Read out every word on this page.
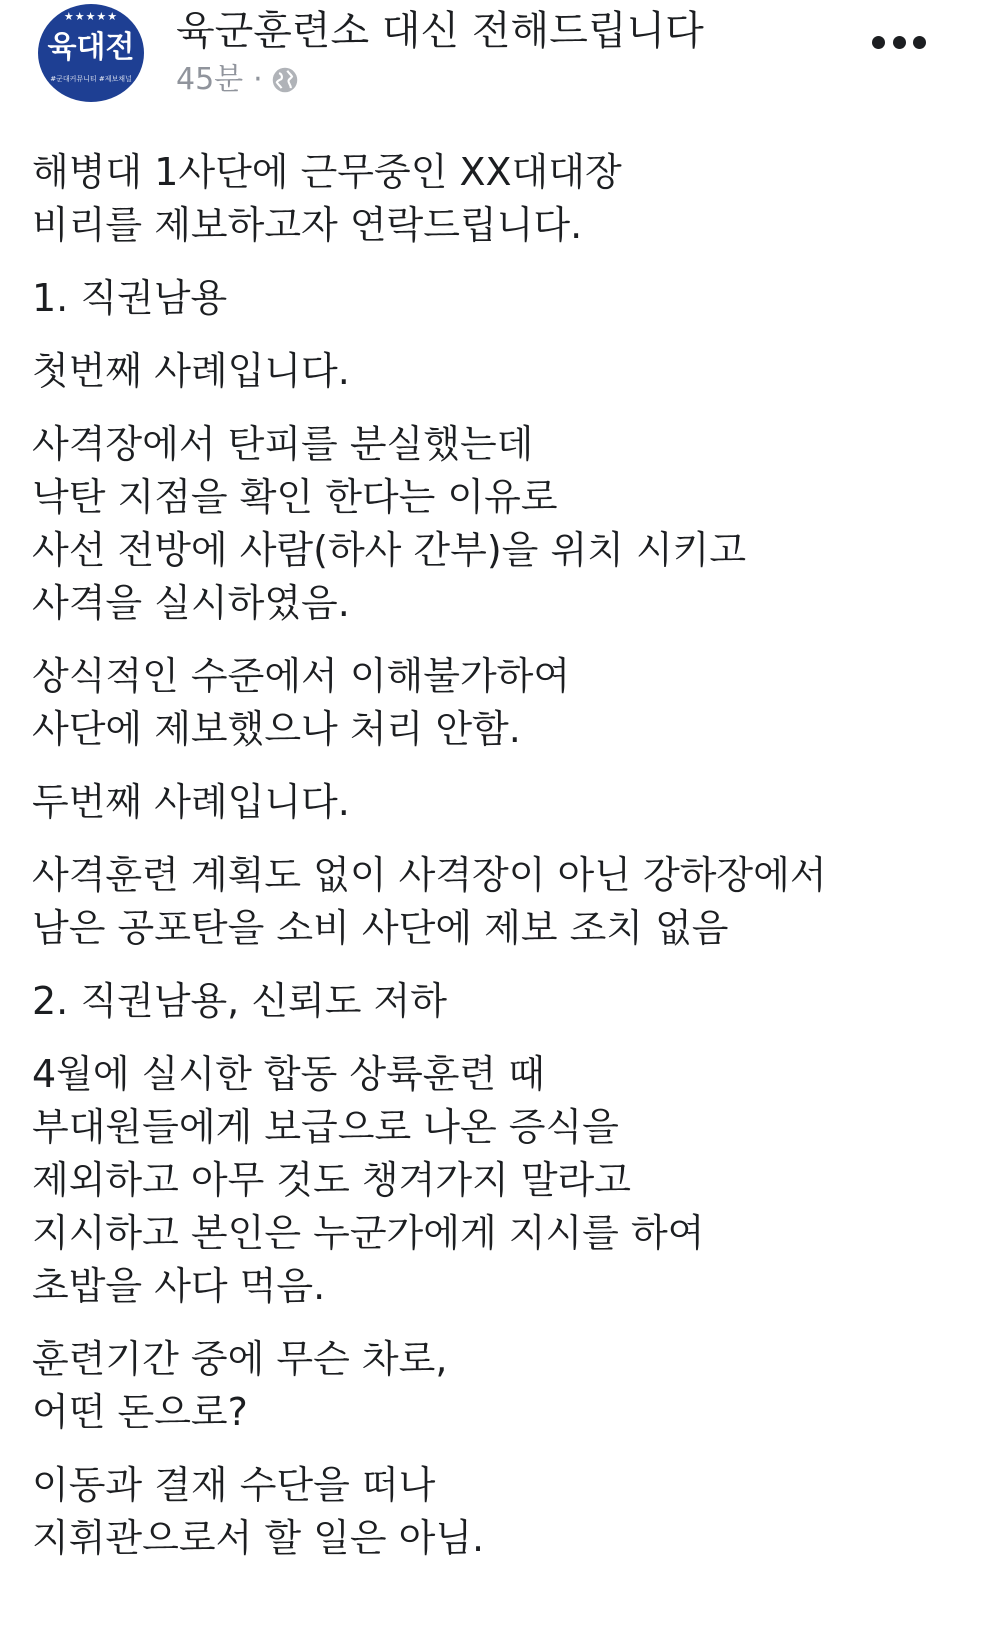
★★★★★
육대전
#군대커뮤니티 #제보채널
육군훈련소 대신 전해드립니다
45분 ·
해병대 1사단에 근무중인 XX대대장
비리를 제보하고자 연락드립니다.
1. 직권남용
첫번째 사례입니다.
사격장에서 탄피를 분실했는데
낙탄 지점을 확인 한다는 이유로
사선 전방에 사람(하사 간부)을 위치 시키고
사격을 실시하였음.
상식적인 수준에서 이해불가하여
사단에 제보했으나 처리 안함.
두번째 사례입니다.
사격훈련 계획도 없이 사격장이 아닌 강하장에서
남은 공포탄을 소비 사단에 제보 조치 없음
2. 직권남용, 신뢰도 저하
4월에 실시한 합동 상륙훈련 때
부대원들에게 보급으로 나온 증식을
제외하고 아무 것도 챙겨가지 말라고
지시하고 본인은 누군가에게 지시를 하여
초밥을 사다 먹음.
훈련기간 중에 무슨 차로,
어떤 돈으로?
이동과 결재 수단을 떠나
지휘관으로서 할 일은 아님.
